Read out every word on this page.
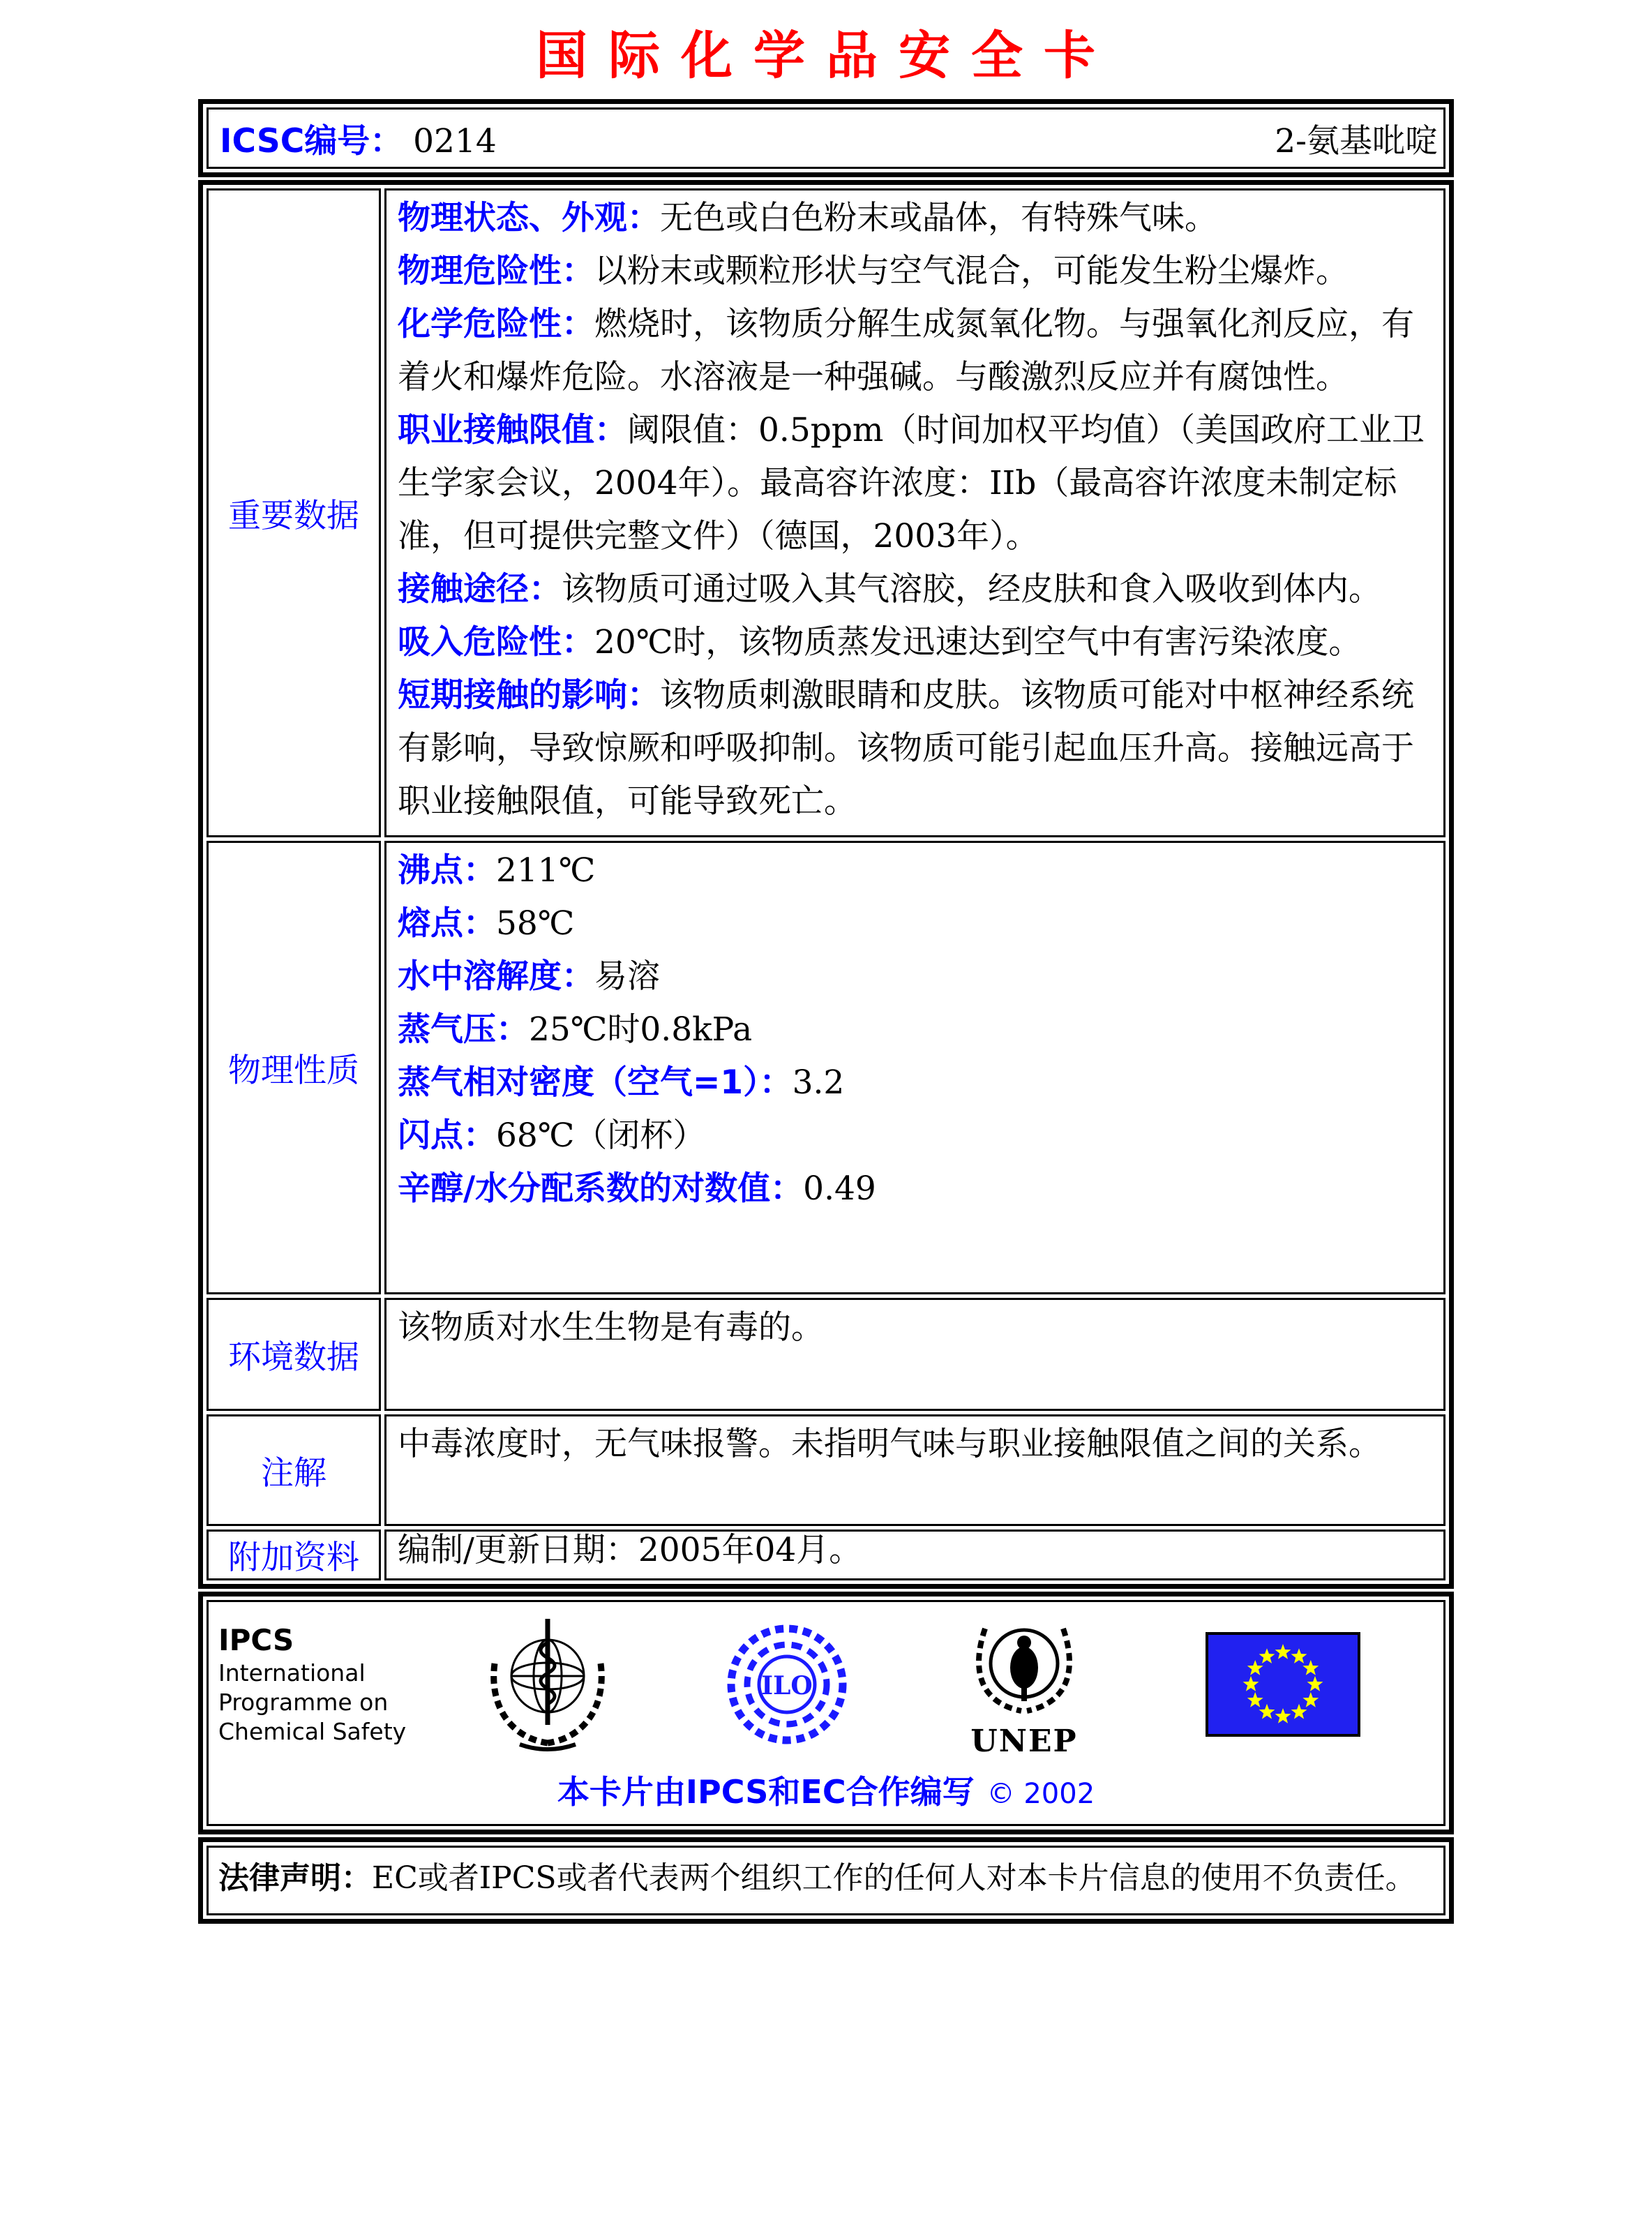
国际化学品安全卡
ICSC编号： 0214	2-氨基吡啶
重要数据

物理状态、外观：无色或白色粉末或晶体，有特殊气味。

物理危险性：以粉末或颗粒形状与空气混合，可能发生粉尘爆炸。

化学危险性：燃烧时，该物质分解生成氮氧化物。与强氧化剂反应，有着火和爆炸危险。水溶液是一种强碱。与酸激烈反应并有腐蚀性。

职业接触限值：阈限值：0.5ppm（时间加权平均值）（美国政府工业卫生学家会议，2004年）。最高容许浓度：IIb（最高容许浓度未制定标准，但可提供完整文件）（德国，2003年）。

接触途径：该物质可通过吸入其气溶胶，经皮肤和食入吸收到体内。

吸入危险性：20℃时，该物质蒸发迅速达到空气中有害污染浓度。

短期接触的影响：该物质刺激眼睛和皮肤。该物质可能对中枢神经系统有影响，导致惊厥和呼吸抑制。该物质可能引起血压升高。接触远高于职业接触限值，可能导致死亡。

物理性质

沸点：211℃

熔点：58℃

水中溶解度：易溶

蒸气压：25℃时0.8kPa

蒸气相对密度（空气=1）：3.2

闪点：68℃（闭杯）

辛醇/水分配系数的对数值：0.49

环境数据

该物质对水生生物是有毒的。

注解

中毒浓度时，无气味报警。未指明气味与职业接触限值之间的关系。

附加资料	编制/更新日期：2005年04月。

IPCS
International
Programme on
Chemical Safety
ILO
UNEP
本卡片由IPCS和EC合作编写 © 2002
法律声明：EC或者IPCS或者代表两个组织工作的任何人对本卡片信息的使用不负责任。
